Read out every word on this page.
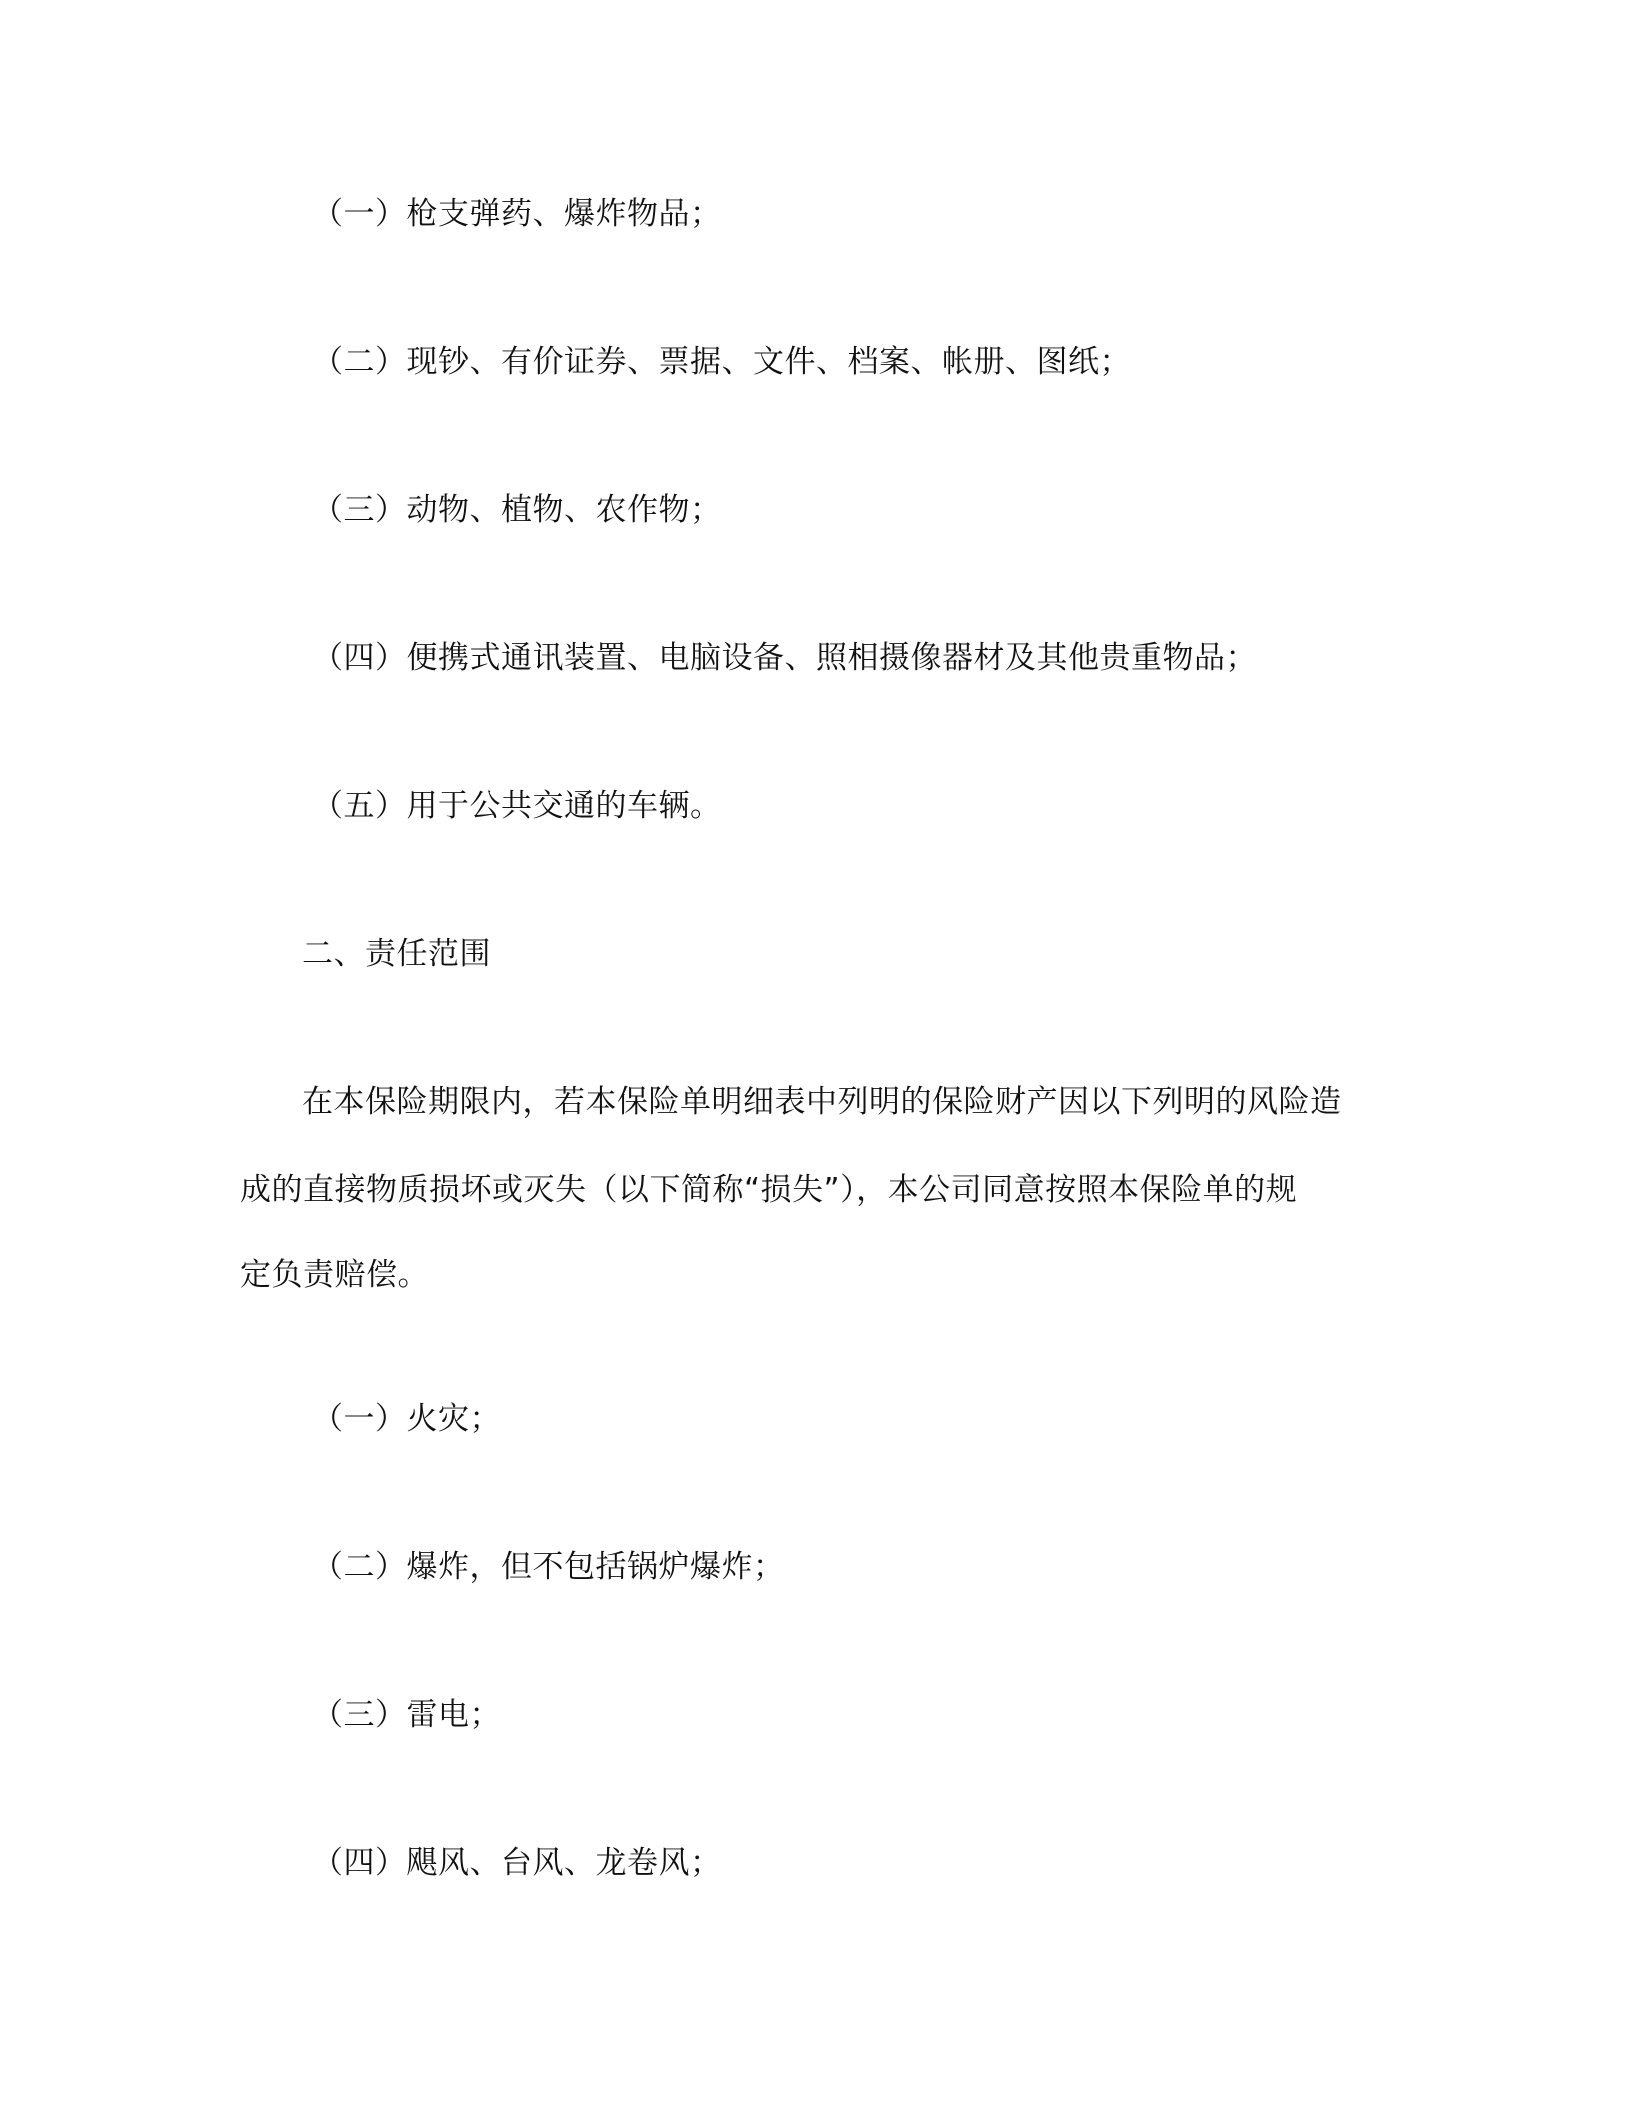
（一）枪支弹药、爆炸物品；
（二）现钞、有价证券、票据、文件、档案、帐册、图纸；
（三）动物、植物、农作物；
（四）便携式通讯装置、电脑设备、照相摄像器材及其他贵重物品；
（五）用于公共交通的车辆。
二、责任范围
在本保险期限内，若本保险单明细表中列明的保险财产因以下列明的风险造
成的直接物质损坏或灭失（以下简称“损失”），本公司同意按照本保险单的规
定负责赔偿。
（一）火灾；
（二）爆炸，但不包括锅炉爆炸；
（三）雷电；
（四）飓风、台风、龙卷风；
